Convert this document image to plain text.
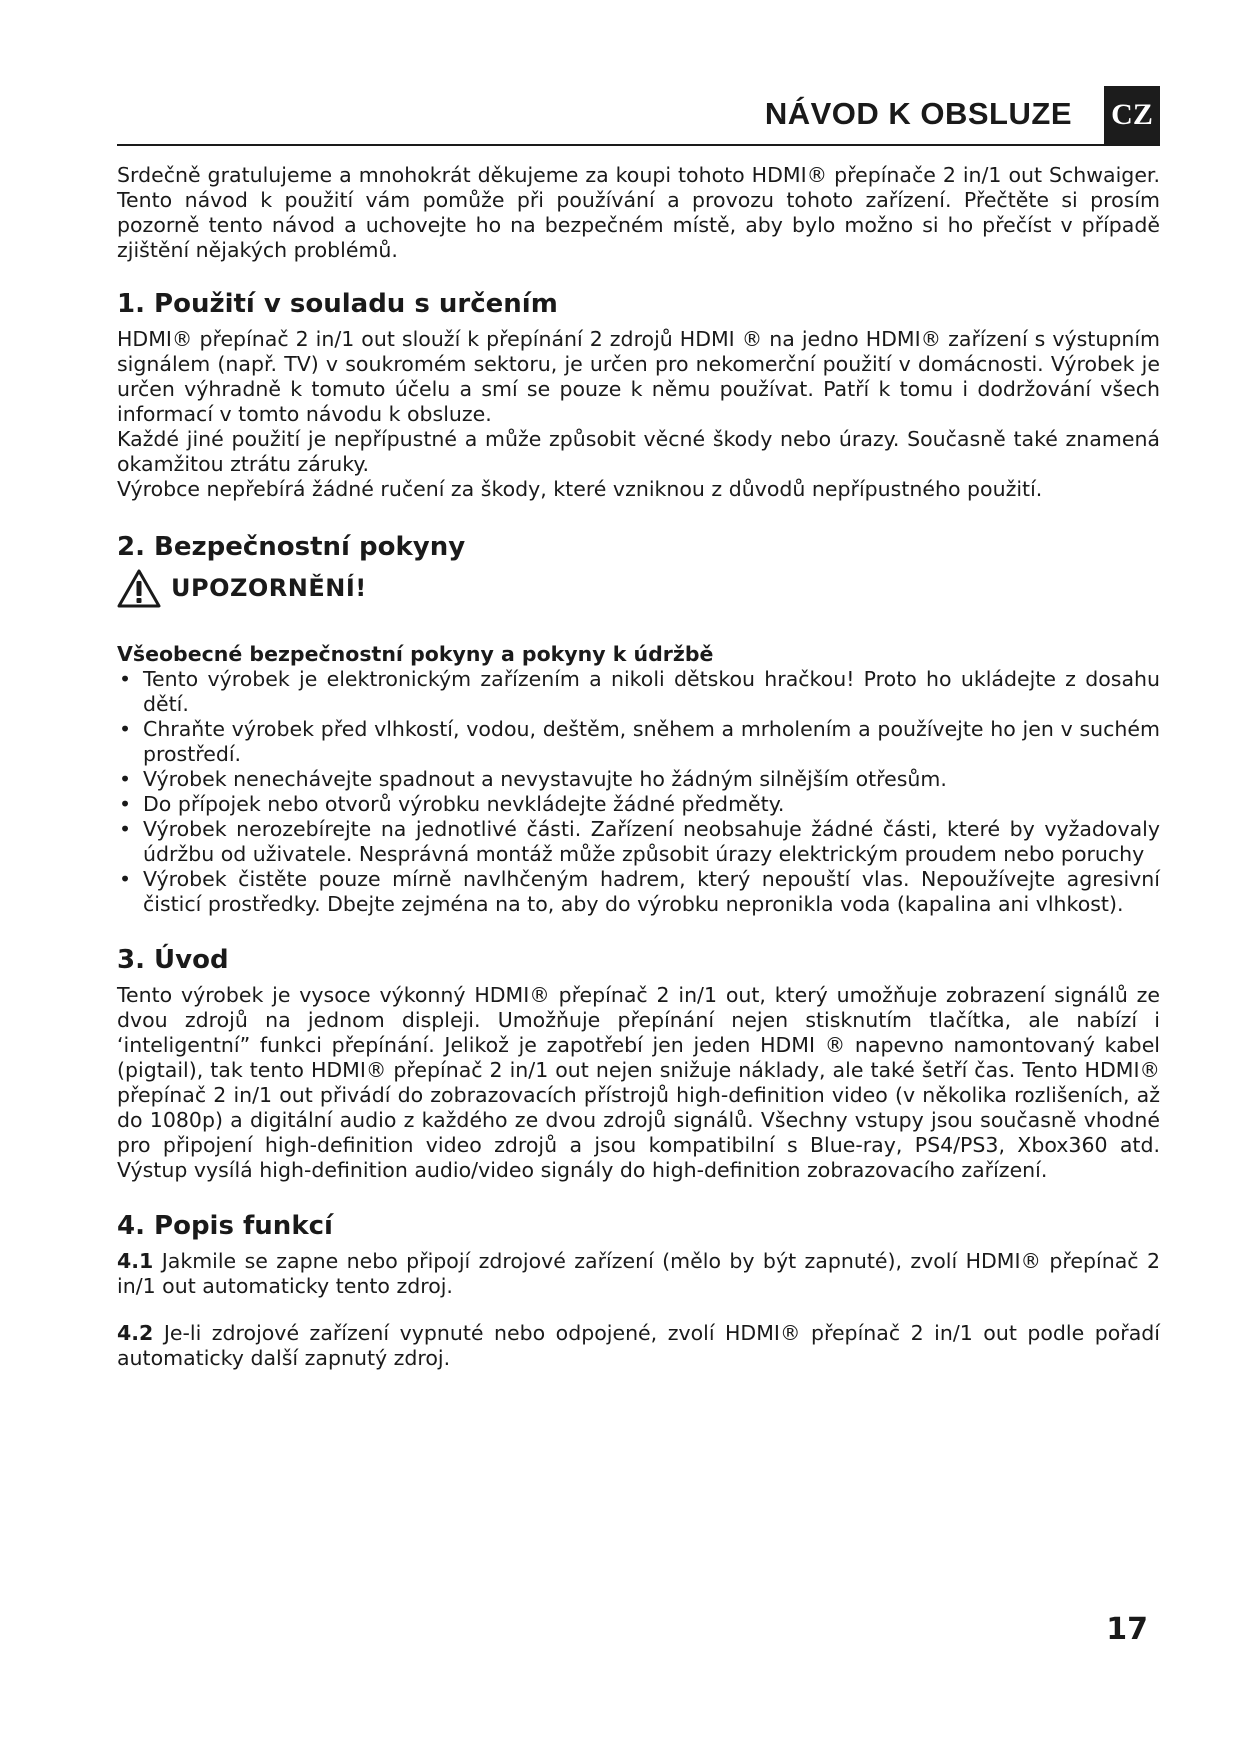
NÁVOD K OBSLUZE CZ

Srdečně gratulujeme a mnohokrát děkujeme za koupi tohoto HDMI® přepínače 2 in/1 out Schwaiger. Tento návod k použití vám pomůže při používání a provozu tohoto zařízení. Přečtěte si prosím pozorně tento návod a uchovejte ho na bezpečném místě, aby bylo možno si ho přečíst v případě zjištění nějakých problémů.

1. Použití v souladu s určením

HDMI® přepínač 2 in/1 out slouží k přepínání 2 zdrojů HDMI ® na jedno HDMI® zařízení s výstupním signálem (např. TV) v soukromém sektoru, je určen pro nekomerční použití v domácnosti. Výrobek je určen výhradně k tomuto účelu a smí se pouze k němu používat. Patří k tomu i dodržování všech informací v tomto návodu k obsluze.

Každé jiné použití je nepřípustné a může způsobit věcné škody nebo úrazy. Současně také znamená okamžitou ztrátu záruky.

Výrobce nepřebírá žádné ručení za škody, které vzniknou z důvodů nepřípustného použití.

2. Bezpečnostní pokyny
UPOZORNĚNÍ!
Všeobecné bezpečnostní pokyny a pokyny k údržbě
• Tento výrobek je elektronickým zařízením a nikoli dětskou hračkou! Proto ho ukládejte z dosahu dětí.
• Chraňte výrobek před vlhkostí, vodou, deštěm, sněhem a mrholením a používejte ho jen v suchém prostředí.
• Výrobek nenechávejte spadnout a nevystavujte ho žádným silnějším otřesům.
• Do přípojek nebo otvorů výrobku nevkládejte žádné předměty.
• Výrobek nerozebírejte na jednotlivé části. Zařízení neobsahuje žádné části, které by vyžadovaly údržbu od uživatele. Nesprávná montáž může způsobit úrazy elektrickým proudem nebo poruchy
• Výrobek čistěte pouze mírně navlhčeným hadrem, který nepouští vlas. Nepoužívejte agresivní čisticí prostředky. Dbejte zejména na to, aby do výrobku nepronikla voda (kapalina ani vlhkost).
3. Úvod

Tento výrobek je vysoce výkonný HDMI® přepínač 2 in/1 out, který umožňuje zobrazení signálů ze dvou zdrojů na jednom displeji. Umožňuje přepínání nejen stisknutím tlačítka, ale nabízí i ‘inteligentní” funkci přepínání. Jelikož je zapotřebí jen jeden HDMI ® napevno namontovaný kabel (pigtail), tak tento HDMI® přepínač 2 in/1 out nejen snižuje náklady, ale také šetří čas. Tento HDMI® přepínač 2 in/1 out přivádí do zobrazovacích přístrojů high-definition video (v několika rozlišeních, až do 1080p) a digitální audio z každého ze dvou zdrojů signálů. Všechny vstupy jsou současně vhodné pro připojení high-definition video zdrojů a jsou kompatibilní s Blue-ray, PS4/PS3, Xbox360 atd. Výstup vysílá high-definition audio/video signály do high-definition zobrazovacího zařízení.

4. Popis funkcí

4.1 Jakmile se zapne nebo připojí zdrojové zařízení (mělo by být zapnuté), zvolí HDMI® přepínač 2 in/1 out automaticky tento zdroj.

4.2 Je-li zdrojové zařízení vypnuté nebo odpojené, zvolí HDMI® přepínač 2 in/1 out podle pořadí automaticky další zapnutý zdroj.

17
